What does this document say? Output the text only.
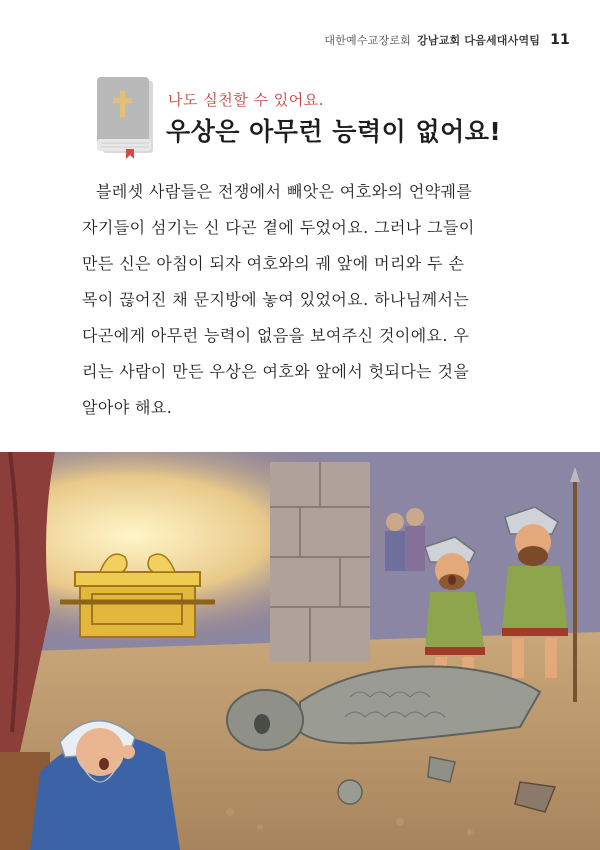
대한예수교장로회 강남교회 다음세대사역팀 11
나도 실천할 수 있어요.
우상은 아무런 능력이 없어요!
블레셋 사람들은 전쟁에서 빼앗은 여호와의 언약궤를
자기들이 섬기는 신 다곤 곁에 두었어요. 그러나 그들이
만든 신은 아침이 되자 여호와의 궤 앞에 머리와 두 손
목이 끊어진 채 문지방에 놓여 있었어요. 하나님께서는
다곤에게 아무런 능력이 없음을 보여주신 것이에요. 우
리는 사람이 만든 우상은 여호와 앞에서 헛되다는 것을
알아야 해요.
